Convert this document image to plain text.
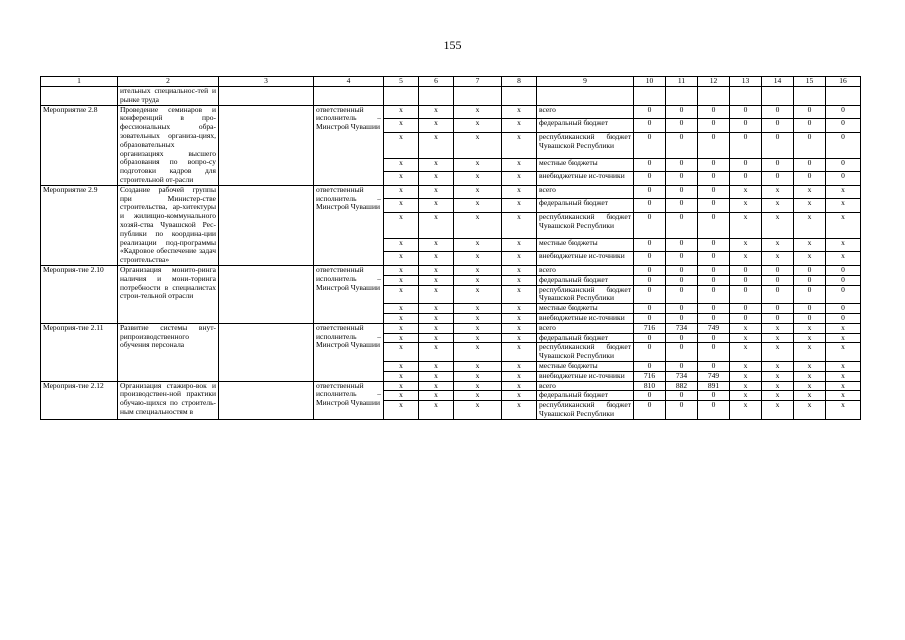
155
1	2	3	4	5	6	7	8	9	10	11	12	13	14	15	16
	ительных специальнос-тей и рынке труда														
Мероприятие 2.8	Проведение семинаров и конференций в про-фессиональных обра-зовательных организа-циях, образовательных организациях высшего образования по вопро-су подготовки кадров для строительной от-расли		ответственный исполнитель – Минстрой Чувашии	x	x	x	x	всего	0	0	0	0	0	0	0
				x	x	x	x	федеральный бюджет	0	0	0	0	0	0	0
				x	x	x	x	республиканский бюджет Чувашской Республики	0	0	0	0	0	0	0
				x	x	x	x	местные бюджеты	0	0	0	0	0	0	0
				x	x	x	x	внебюджетные ис-точники	0	0	0	0	0	0	0
Мероприятие 2.9	Создание рабочей группы при Министер-стве строительства, ар-хитектуры и жилищно-коммунального хозяй-ства Чувашской Рес-публики по координа-ции реализации под-программы «Кадровое обеспечение задач строительства»		ответственный исполнитель – Минстрой Чувашии	x	x	x	x	всего	0	0	0	x	x	x	x
				x	x	x	x	федеральный бюджет	0	0	0	x	x	x	x
				x	x	x	x	республиканский бюджет Чувашской Республики	0	0	0	x	x	x	x
				x	x	x	x	местные бюджеты	0	0	0	x	x	x	x
				x	x	x	x	внебюджетные ис-точники	0	0	0	x	x	x	x
Мероприя-тие 2.10	Организация монито-ринга наличия и мони-торинга потребности в специалистах строи-тельной отрасли		ответственный исполнитель – Минстрой Чувашии	x	x	x	x	всего	0	0	0	0	0	0	0
				x	x	x	x	федеральный бюджет	0	0	0	0	0	0	0
				x	x	x	x	республиканский бюджет Чувашской Республики	0	0	0	0	0	0	0
				x	x	x	x	местные бюджеты	0	0	0	0	0	0	0
				x	x	x	x	внебюджетные ис-точники	0	0	0	0	0	0	0
Мероприя-тие 2.11	Развитие системы внут-рипроизводственного обучения персонала		ответственный исполнитель – Минстрой Чувашии	x	x	x	x	всего	716	734	749	x	x	x	x
				x	x	x	x	федеральный бюджет	0	0	0	x	x	x	x
				x	x	x	x	республиканский бюджет Чувашской Республики	0	0	0	x	x	x	x
				x	x	x	x	местные бюджеты	0	0	0	x	x	x	x
				x	x	x	x	внебюджетные ис-точники	716	734	749	x	x	x	x
Мероприя-тие 2.12	Организация стажиро-вок и производствен-ной практики обучаю-щихся по строитель-ным специальностям в		ответственный исполнитель – Минстрой Чувашии	x	x	x	x	всего	810	882	891	x	x	x	x
				x	x	x	x	федеральный бюджет	0	0	0	x	x	x	x
				x	x	x	x	республиканский бюджет Чувашской Республики	0	0	0	x	x	x	x
